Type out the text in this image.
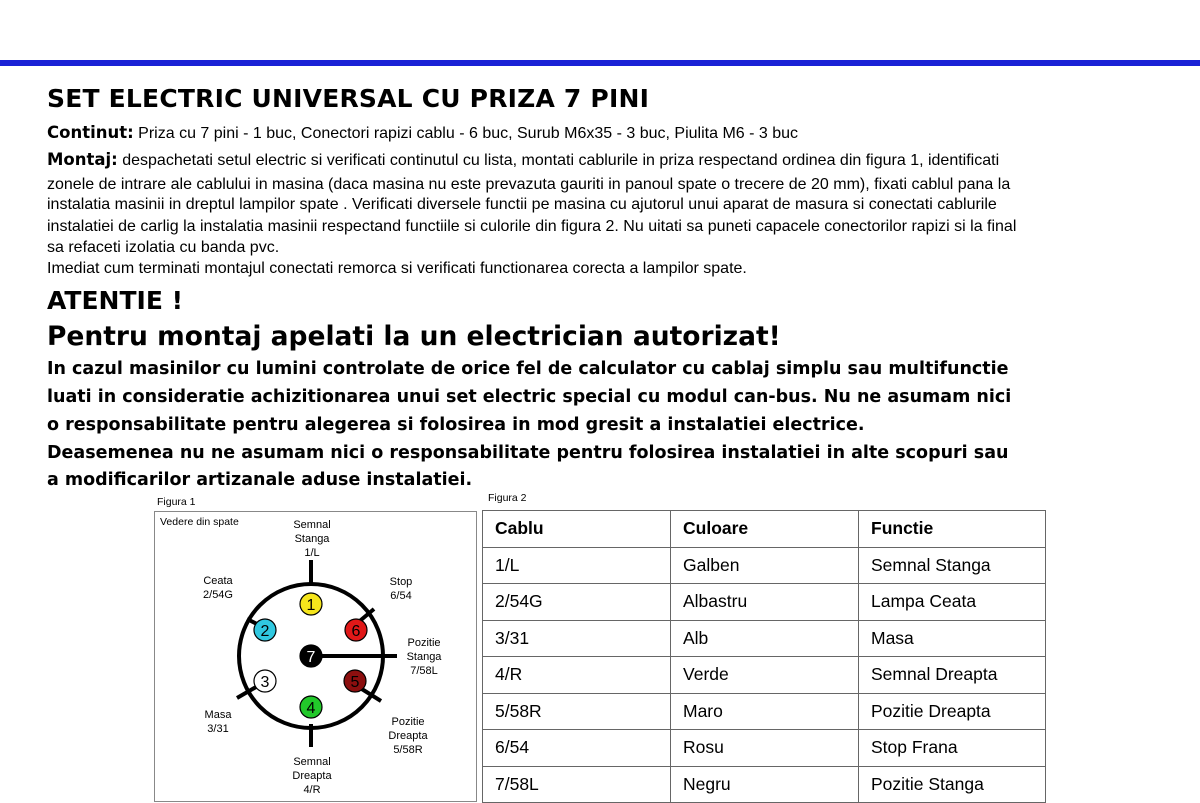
SET ELECTRIC UNIVERSAL CU PRIZA 7 PINI
Continut: Priza cu 7 pini - 1 buc, Conectori rapizi cablu - 6 buc, Surub M6x35 - 3 buc, Piulita M6 - 3 buc
Montaj: despachetati setul electric si verificati continutul cu lista, montati cablurile in priza respectand ordinea din figura 1, identificati
zonele de intrare ale cablului in masina (daca masina nu este prevazuta gauriti in panoul spate o trecere de 20 mm), fixati cablul pana la
instalatia masinii in dreptul lampilor spate . Verificati diversele functii pe masina cu ajutorul unui aparat de masura si conectati cablurile
instalatiei de carlig la instalatia masinii respectand functiile si culorile din figura 2. Nu uitati sa puneti capacele conectorilor rapizi si la final
sa refaceti izolatia cu banda pvc.
Imediat cum terminati montajul conectati remorca si verificati functionarea corecta a lampilor spate.
ATENTIE !
Pentru montaj apelati la un electrician autorizat!
In cazul masinilor cu lumini controlate de orice fel de calculator cu cablaj simplu sau multifunctie
luati in consideratie achizitionarea unui set electric special cu modul can-bus. Nu ne asumam nici
o responsabilitate pentru alegerea si folosirea in mod gresit a instalatiei electrice.
Deasemenea nu ne asumam nici o responsabilitate pentru folosirea instalatiei in alte scopuri sau
a modificarilor artizanale aduse instalatiei.
Figura 1	Figura 2
Vedere din spate
1
2	6
7
3	5
4
Semnal
Stanga
1/L
Ceata
2/54G
Stop
6/54
Pozitie
Stanga
7/58L
Masa
3/31
Pozitie
Dreapta
5/58R
Semnal
Dreapta
4/R
Cablu	Culoare	Functie
1/L	Galben	Semnal Stanga
2/54G	Albastru	Lampa Ceata
3/31	Alb	Masa
4/R	Verde	Semnal Dreapta
5/58R	Maro	Pozitie Dreapta
6/54	Rosu	Stop Frana
7/58L	Negru	Pozitie Stanga
